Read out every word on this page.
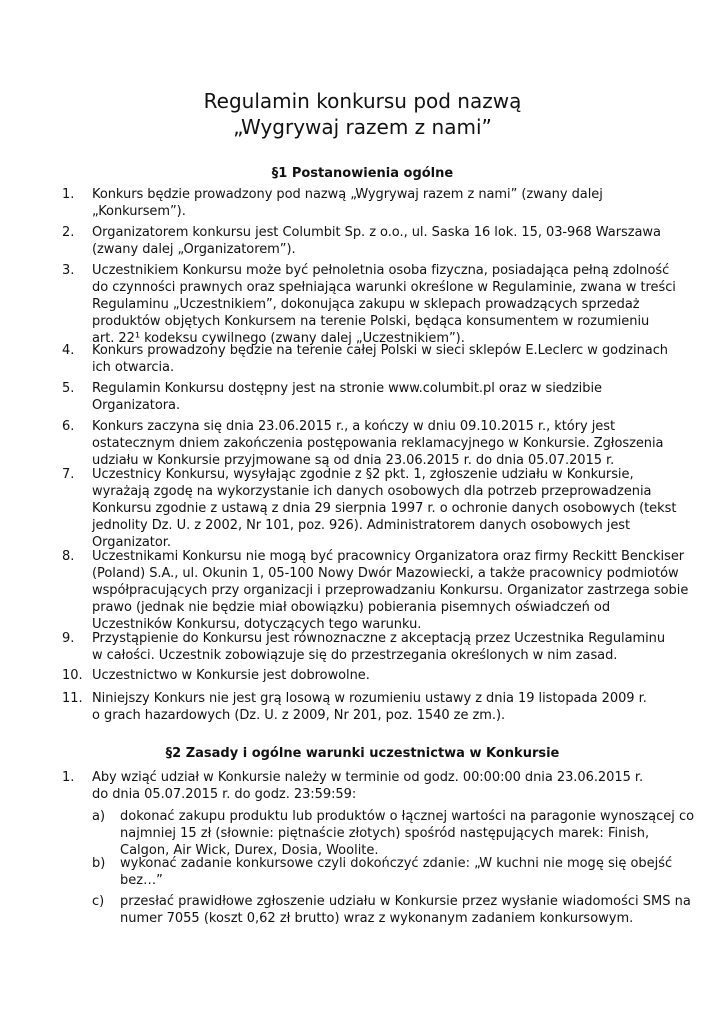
Regulamin konkursu pod nazwą
„Wygrywaj razem z nami”
§1 Postanowienia ogólne
1. Konkurs będzie prowadzony pod nazwą „Wygrywaj razem z nami” (zwany dalej
„Konkursem”).
2. Organizatorem konkursu jest Columbit Sp. z o.o., ul. Saska 16 lok. 15, 03-968 Warszawa
(zwany dalej „Organizatorem”).
3. Uczestnikiem Konkursu może być pełnoletnia osoba fizyczna, posiadająca pełną zdolność
do czynności prawnych oraz spełniająca warunki określone w Regulaminie, zwana w treści
Regulaminu „Uczestnikiem”, dokonująca zakupu w sklepach prowadzących sprzedaż
produktów objętych Konkursem na terenie Polski, będąca konsumentem w rozumieniu
art. 22¹ kodeksu cywilnego (zwany dalej „Uczestnikiem”).
4. Konkurs prowadzony będzie na terenie całej Polski w sieci sklepów E.Leclerc w godzinach
ich otwarcia.
5. Regulamin Konkursu dostępny jest na stronie www.columbit.pl oraz w siedzibie
Organizatora.
6. Konkurs zaczyna się dnia 23.06.2015 r., a kończy w dniu 09.10.2015 r., który jest
ostatecznym dniem zakończenia postępowania reklamacyjnego w Konkursie. Zgłoszenia
udziału w Konkursie przyjmowane są od dnia 23.06.2015 r. do dnia 05.07.2015 r.
7. Uczestnicy Konkursu, wysyłając zgodnie z §2 pkt. 1, zgłoszenie udziału w Konkursie,
wyrażają zgodę na wykorzystanie ich danych osobowych dla potrzeb przeprowadzenia
Konkursu zgodnie z ustawą z dnia 29 sierpnia 1997 r. o ochronie danych osobowych (tekst
jednolity Dz. U. z 2002, Nr 101, poz. 926). Administratorem danych osobowych jest
Organizator.
8. Uczestnikami Konkursu nie mogą być pracownicy Organizatora oraz firmy Reckitt Benckiser
(Poland) S.A., ul. Okunin 1, 05-100 Nowy Dwór Mazowiecki, a także pracownicy podmiotów
współpracujących przy organizacji i przeprowadzaniu Konkursu. Organizator zastrzega sobie
prawo (jednak nie będzie miał obowiązku) pobierania pisemnych oświadczeń od
Uczestników Konkursu, dotyczących tego warunku.
9. Przystąpienie do Konkursu jest równoznaczne z akceptacją przez Uczestnika Regulaminu
w całości. Uczestnik zobowiązuje się do przestrzegania określonych w nim zasad.
10. Uczestnictwo w Konkursie jest dobrowolne.
11. Niniejszy Konkurs nie jest grą losową w rozumieniu ustawy z dnia 19 listopada 2009 r.
o grach hazardowych (Dz. U. z 2009, Nr 201, poz. 1540 ze zm.).
§2 Zasady i ogólne warunki uczestnictwa w Konkursie
1. Aby wziąć udział w Konkursie należy w terminie od godz. 00:00:00 dnia 23.06.2015 r.
do dnia 05.07.2015 r. do godz. 23:59:59:
a) dokonać zakupu produktu lub produktów o łącznej wartości na paragonie wynoszącej co
najmniej 15 zł (słownie: piętnaście złotych) spośród następujących marek: Finish,
Calgon, Air Wick, Durex, Dosia, Woolite.
b) wykonać zadanie konkursowe czyli dokończyć zdanie: „W kuchni nie mogę się obejść
bez…”
c) przesłać prawidłowe zgłoszenie udziału w Konkursie przez wysłanie wiadomości SMS na
numer 7055 (koszt 0,62 zł brutto) wraz z wykonanym zadaniem konkursowym.
